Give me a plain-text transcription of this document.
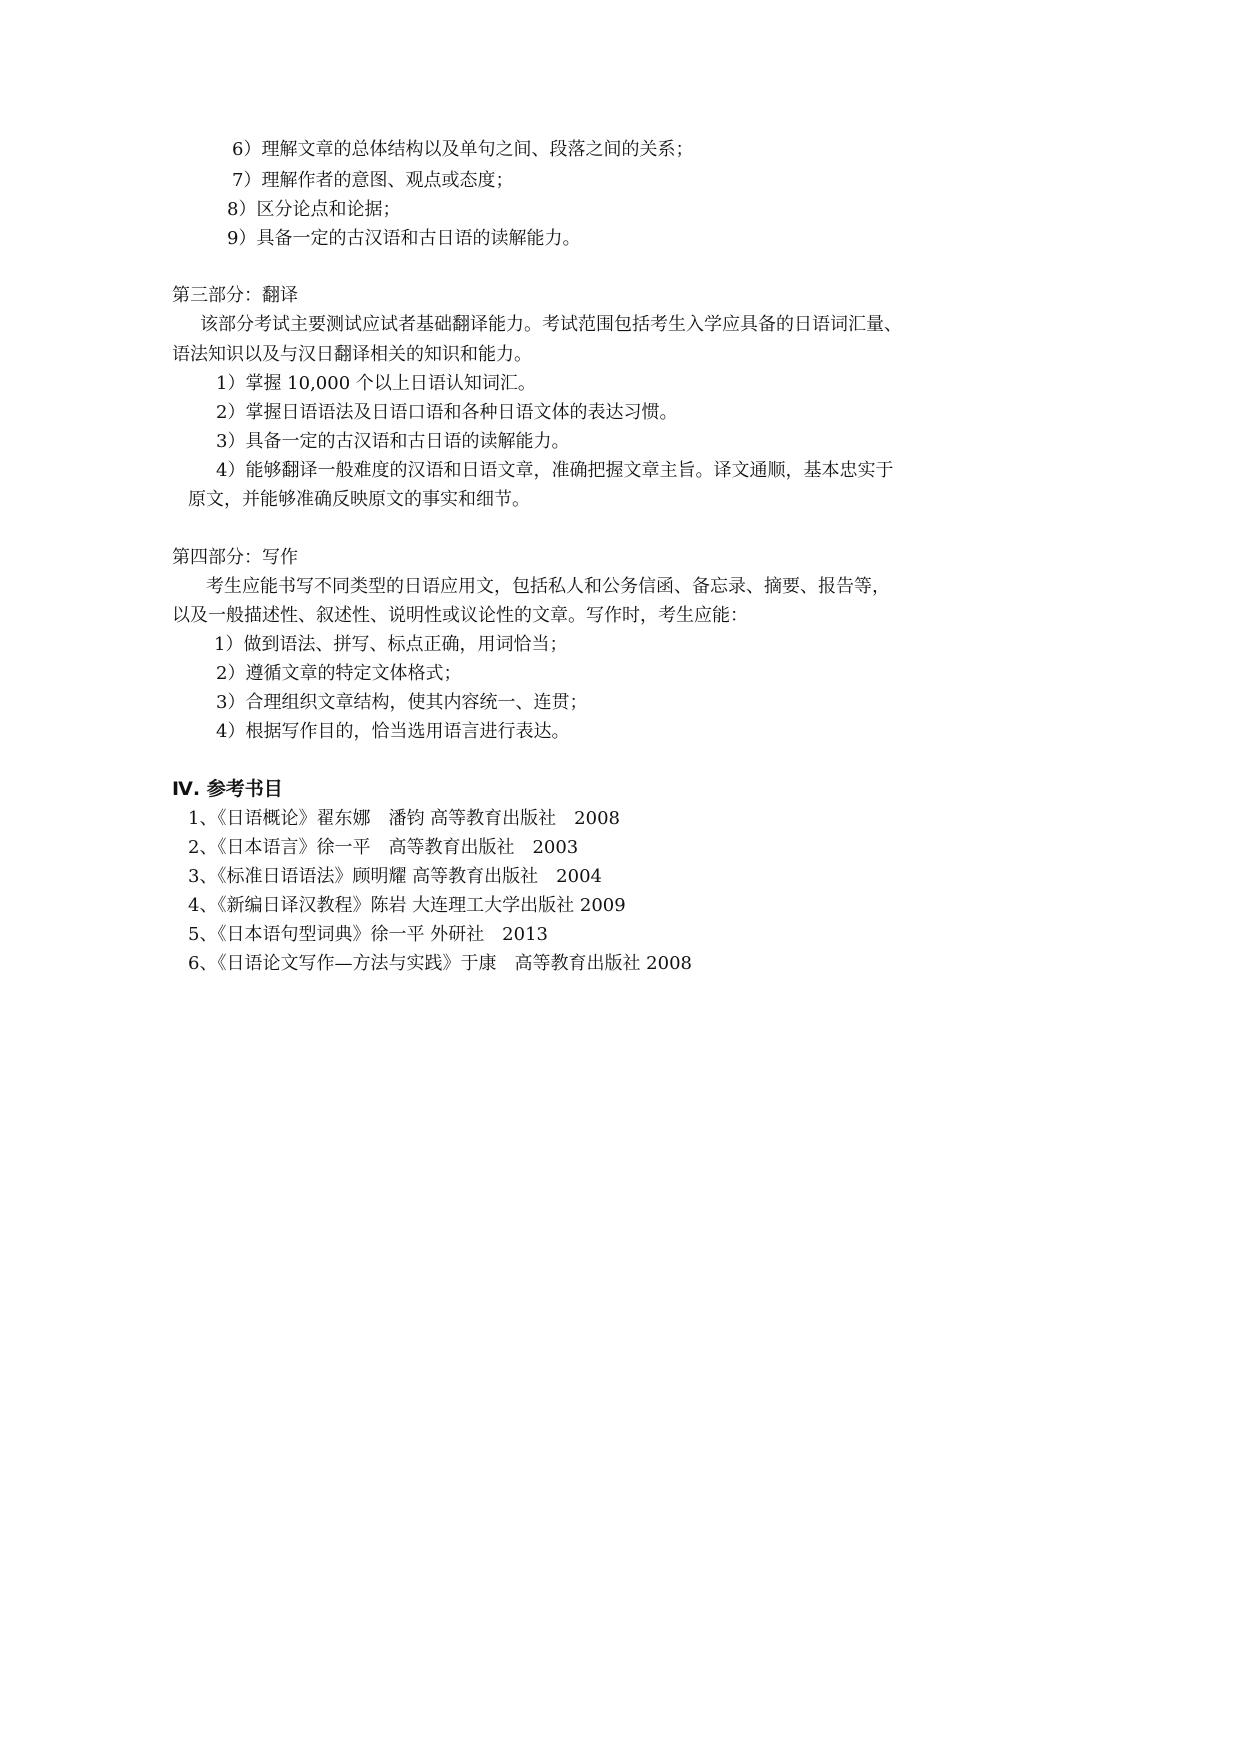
6）理解文章的总体结构以及单句之间、段落之间的关系；
7）理解作者的意图、观点或态度；
8）区分论点和论据；
9）具备一定的古汉语和古日语的读解能力。
第三部分：翻译
该部分考试主要测试应试者基础翻译能力。考试范围包括考生入学应具备的日语词汇量、
语法知识以及与汉日翻译相关的知识和能力。
1）掌握 10,000 个以上日语认知词汇。
2）掌握日语语法及日语口语和各种日语文体的表达习惯。
3）具备一定的古汉语和古日语的读解能力。
4）能够翻译一般难度的汉语和日语文章，准确把握文章主旨。译文通顺，基本忠实于
原文，并能够准确反映原文的事实和细节。
第四部分：写作
考生应能书写不同类型的日语应用文，包括私人和公务信函、备忘录、摘要、报告等，
以及一般描述性、叙述性、说明性或议论性的文章。写作时，考生应能：
1）做到语法、拼写、标点正确，用词恰当；
2）遵循文章的特定文体格式；
3）合理组织文章结构，使其内容统一、连贯；
4）根据写作目的，恰当选用语言进行表达。
Ⅳ. 参考书目
1、《日语概论》翟东娜　潘钧 高等教育出版社　2008
2、《日本语言》徐一平　高等教育出版社　2003
3、《标准日语语法》顾明耀 高等教育出版社　2004
4、《新编日译汉教程》陈岩 大连理工大学出版社 2009
5、《日本语句型词典》徐一平 外研社　2013
6、《日语论文写作—方法与实践》于康　高等教育出版社 2008
